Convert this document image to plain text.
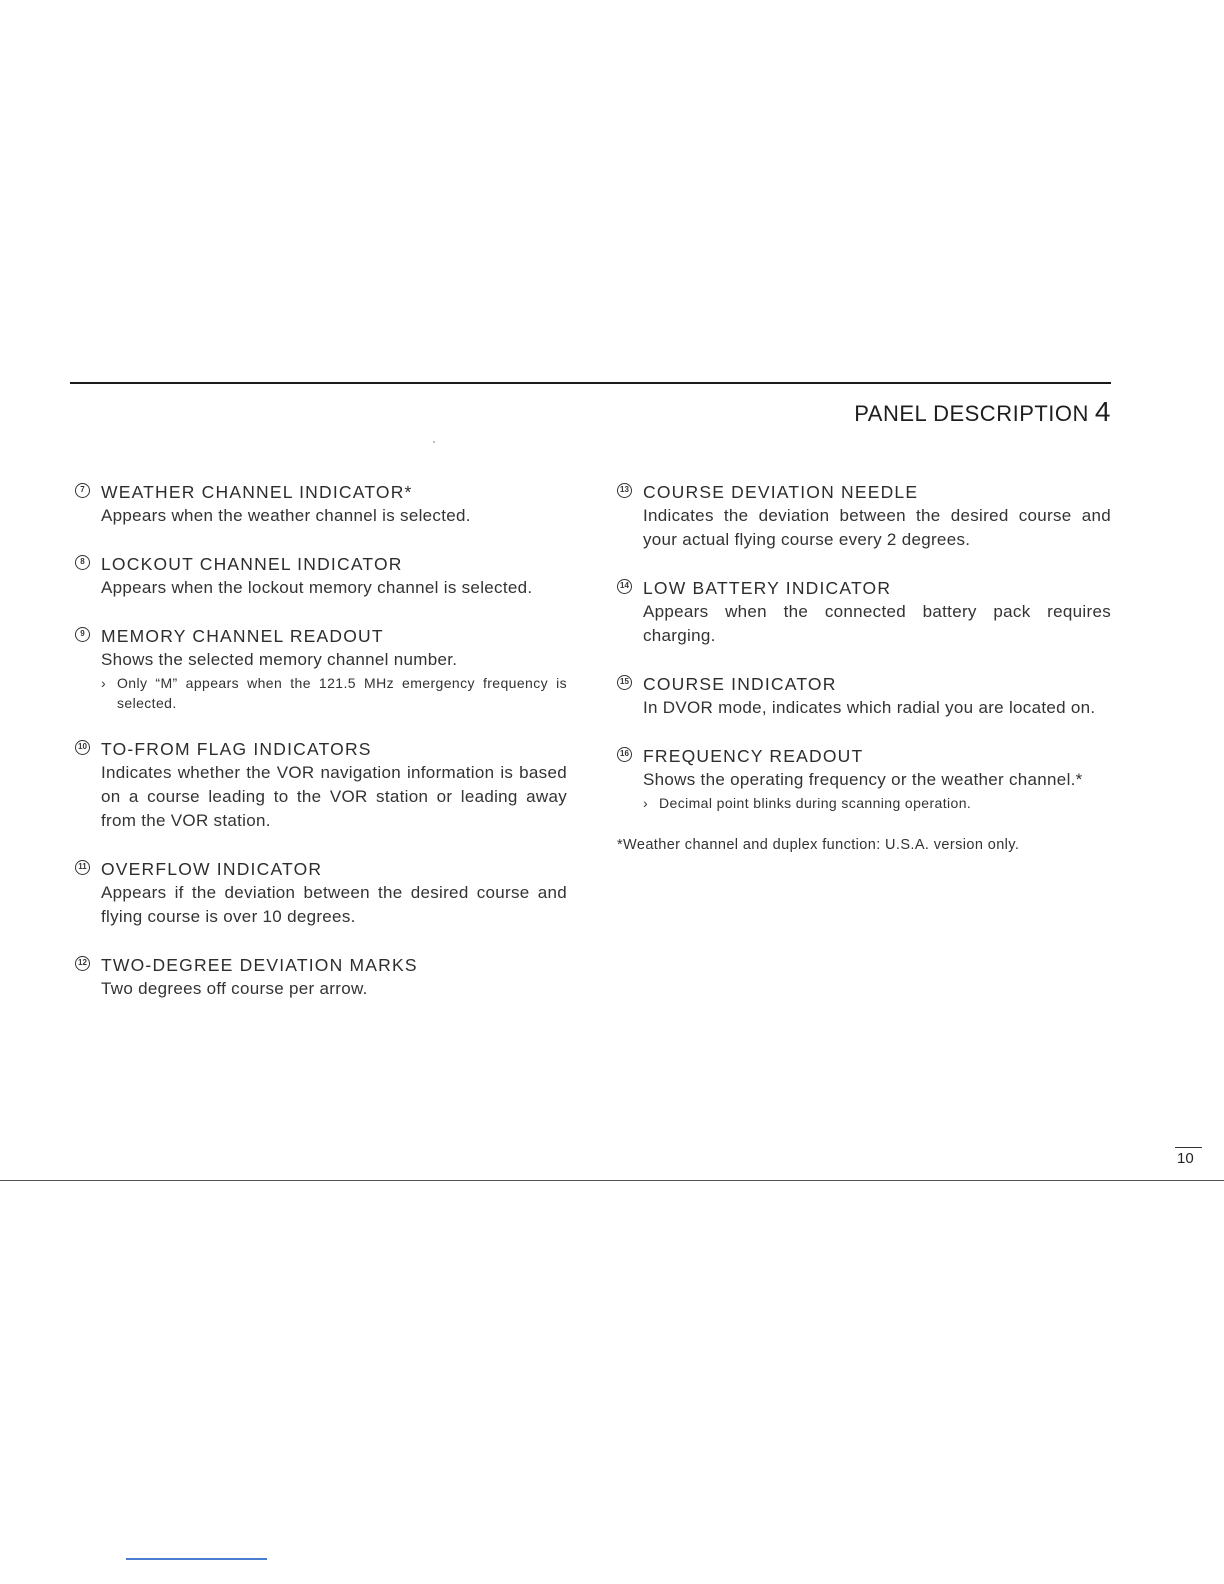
PANEL DESCRIPTION 4
7 WEATHER CHANNEL INDICATOR*
Appears when the weather channel is selected.
8 LOCKOUT CHANNEL INDICATOR
Appears when the lockout memory channel is selected.
9 MEMORY CHANNEL READOUT
Shows the selected memory channel number.
› Only “M” appears when the 121.5 MHz emergency frequency is selected.
10 TO-FROM FLAG INDICATORS
Indicates whether the VOR navigation information is based on a course leading to the VOR station or leading away from the VOR station.
11 OVERFLOW INDICATOR
Appears if the deviation between the desired course and flying course is over 10 degrees.
12 TWO-DEGREE DEVIATION MARKS
Two degrees off course per arrow.
13 COURSE DEVIATION NEEDLE
Indicates the deviation between the desired course and your actual flying course every 2 degrees.
14 LOW BATTERY INDICATOR
Appears when the connected battery pack requires charging.
15 COURSE INDICATOR
In DVOR mode, indicates which radial you are located on.
16 FREQUENCY READOUT
Shows the operating frequency or the weather channel.*
› Decimal point blinks during scanning operation.
*Weather channel and duplex function: U.S.A. version only.
10
